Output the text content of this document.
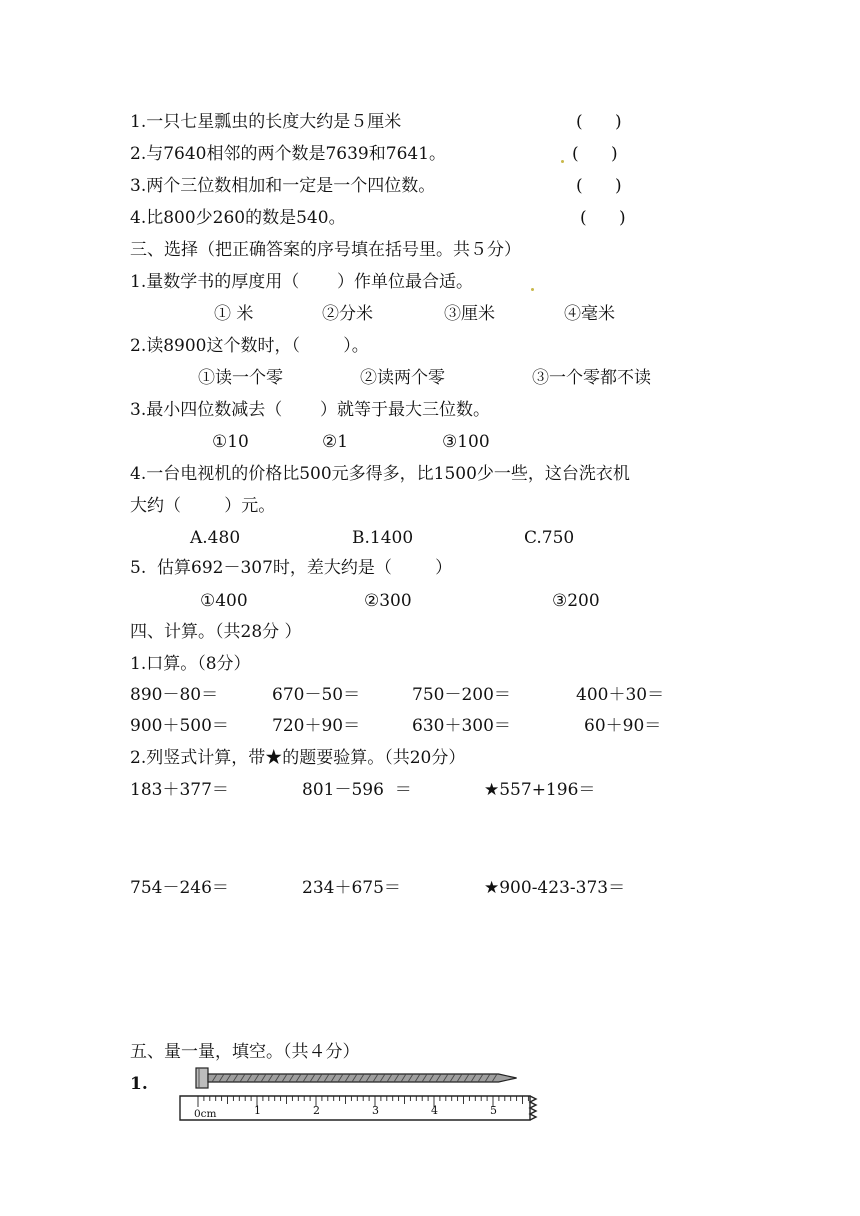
1.一只七星瓢虫的长度大约是５厘米	(      )
2.与7640相邻的两个数是7639和7641。	(      )
3.两个三位数相加和一定是一个四位数。	(      )
4.比800少260的数是540。	(      )
三、选择（把正确答案的序号填在括号里。共５分）
1.量数学书的厚度用（       ）作单位最合适。
① 米	②分米	③厘米	④毫米
2.读8900这个数时，（        ）。
①读一个零	②读两个零	③一个零都不读
3.最小四位数减去（       ）就等于最大三位数。
①10	②1	③100
4.一台电视机的价格比500元多得多，比1500少一些，这台洗衣机
大约（        ）元。
A.480	B.1400	C.750
5.  估算692－307时，差大约是（        ）
①400	②300	③200
四、计算。（共28分 ）
1.口算。（8分）
890－80＝	670－50＝	750－200＝	400＋30＝
900＋500＝	720＋90＝	630＋300＝	60＋90＝
2.列竖式计算，带★的题要验算。（共20分）
183＋377＝	801－596  ＝	★557+196＝
754－246＝	234＋675＝	★900-423-373＝
五、量一量，填空。（共４分）
1.
0cm	1	2	3	4	5
